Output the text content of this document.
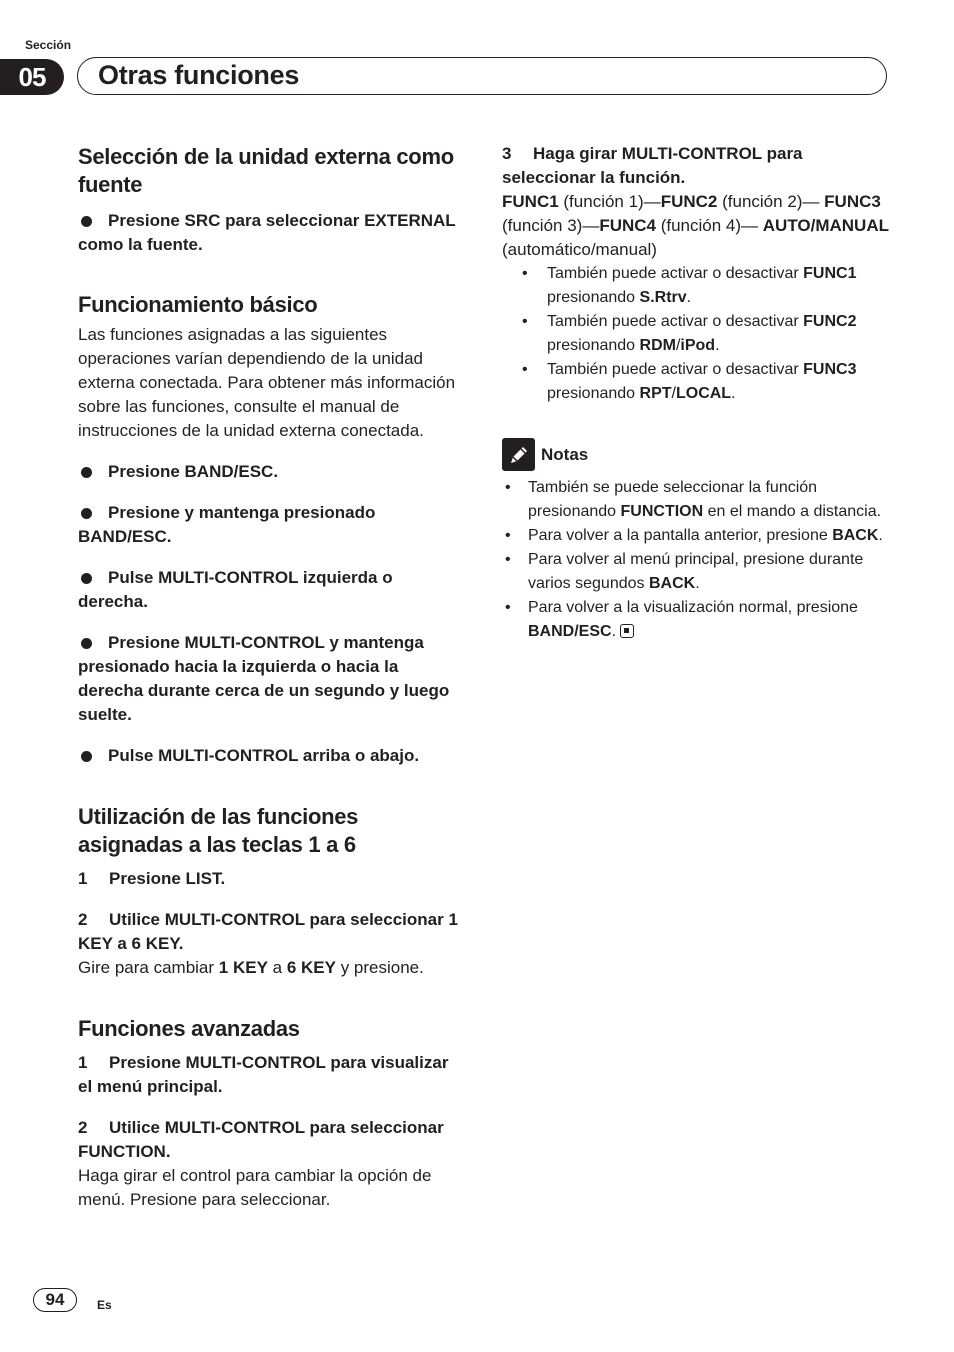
Sección
05	Otras funciones
Selección de la unidad externa como fuente

Presione SRC para seleccionar EXTERNAL como la fuente.

Funcionamiento básico

Las funciones asignadas a las siguientes operaciones varían dependiendo de la unidad externa conectada. Para obtener más información sobre las funciones, consulte el manual de instrucciones de la unidad externa conectada.

Presione BAND/ESC.

Presione y mantenga presionado BAND/ESC.

Pulse MULTI-CONTROL izquierda o derecha.

Presione MULTI-CONTROL y mantenga presionado hacia la izquierda o hacia la derecha durante cerca de un segundo y luego suelte.

Pulse MULTI-CONTROL arriba o abajo.

Utilización de las funciones asignadas a las teclas 1 a 6

1 Presione LIST.

2 Utilice MULTI-CONTROL para seleccionar 1 KEY a 6 KEY.

Gire para cambiar 1 KEY a 6 KEY y presione.

Funciones avanzadas

1 Presione MULTI-CONTROL para visualizar el menú principal.

2 Utilice MULTI-CONTROL para seleccionar FUNCTION.

Haga girar el control para cambiar la opción de menú. Presione para seleccionar.

3 Haga girar MULTI-CONTROL para seleccionar la función.

FUNC1 (función 1)—FUNC2 (función 2)— FUNC3 (función 3)—FUNC4 (función 4)— AUTO/MANUAL (automático/manual)

• También puede activar o desactivar FUNC1 presionando S.Rtrv.
• También puede activar o desactivar FUNC2 presionando RDM/iPod.
• También puede activar o desactivar FUNC3 presionando RPT/LOCAL.
Notas
• También se puede seleccionar la función presionando FUNCTION en el mando a distancia.
• Para volver a la pantalla anterior, presione BACK.
• Para volver al menú principal, presione durante varios segundos BACK.
• Para volver a la visualización normal, presione BAND/ESC.
94	Es
